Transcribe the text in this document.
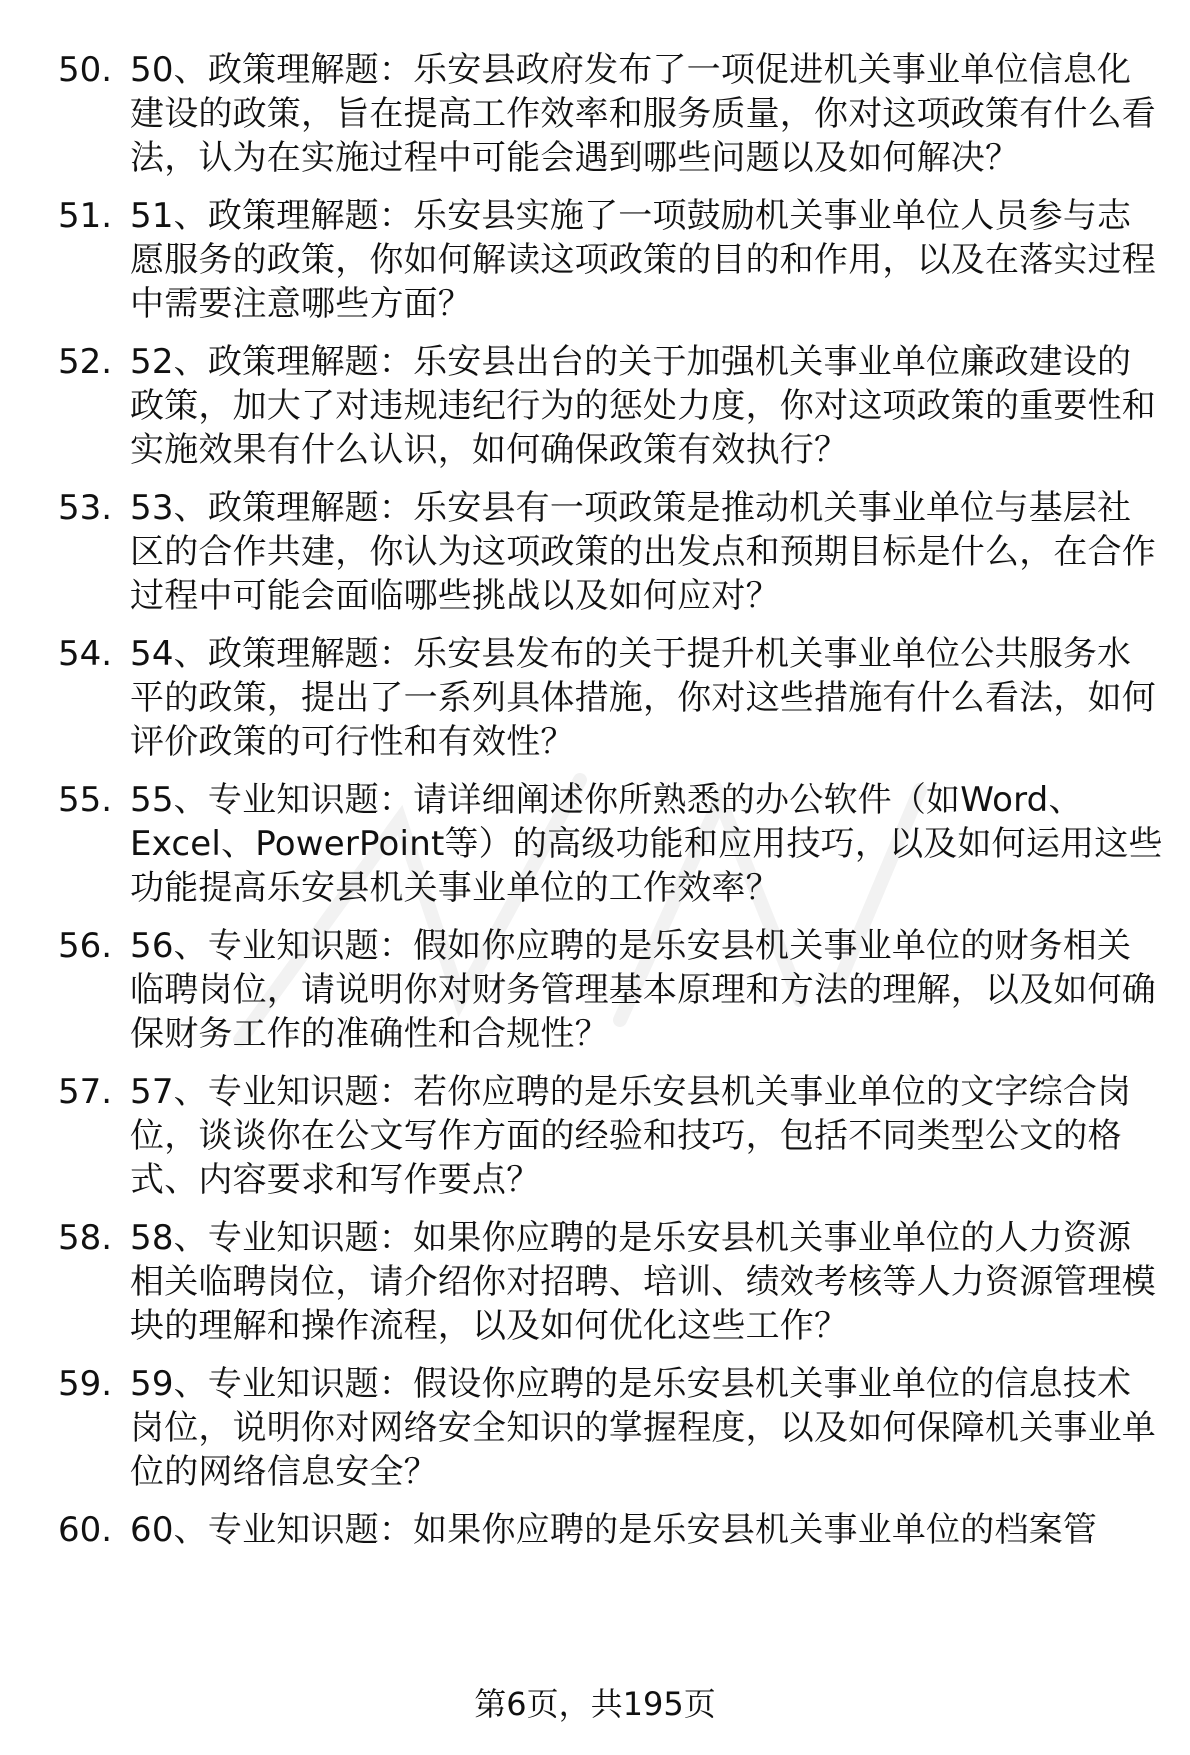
50. 50、政策理解题：乐安县政府发布了一项促进机关事业单位信息化建设的政策，旨在提高工作效率和服务质量，你对这项政策有什么看法，认为在实施过程中可能会遇到哪些问题以及如何解决？
51. 51、政策理解题：乐安县实施了一项鼓励机关事业单位人员参与志愿服务的政策，你如何解读这项政策的目的和作用，以及在落实过程中需要注意哪些方面？
52. 52、政策理解题：乐安县出台的关于加强机关事业单位廉政建设的政策，加大了对违规违纪行为的惩处力度，你对这项政策的重要性和实施效果有什么认识，如何确保政策有效执行？
53. 53、政策理解题：乐安县有一项政策是推动机关事业单位与基层社区的合作共建，你认为这项政策的出发点和预期目标是什么，在合作过程中可能会面临哪些挑战以及如何应对？
54. 54、政策理解题：乐安县发布的关于提升机关事业单位公共服务水平的政策，提出了一系列具体措施，你对这些措施有什么看法，如何评价政策的可行性和有效性？
55. 55、专业知识题：请详细阐述你所熟悉的办公软件（如Word、Excel、PowerPoint等）的高级功能和应用技巧，以及如何运用这些功能提高乐安县机关事业单位的工作效率？
56. 56、专业知识题：假如你应聘的是乐安县机关事业单位的财务相关临聘岗位，请说明你对财务管理基本原理和方法的理解，以及如何确保财务工作的准确性和合规性？
57. 57、专业知识题：若你应聘的是乐安县机关事业单位的文字综合岗位，谈谈你在公文写作方面的经验和技巧，包括不同类型公文的格式、内容要求和写作要点？
58. 58、专业知识题：如果你应聘的是乐安县机关事业单位的人力资源相关临聘岗位，请介绍你对招聘、培训、绩效考核等人力资源管理模块的理解和操作流程，以及如何优化这些工作？
59. 59、专业知识题：假设你应聘的是乐安县机关事业单位的信息技术岗位，说明你对网络安全知识的掌握程度，以及如何保障机关事业单位的网络信息安全？
60. 60、专业知识题：如果你应聘的是乐安县机关事业单位的档案管
第6页，共195页
